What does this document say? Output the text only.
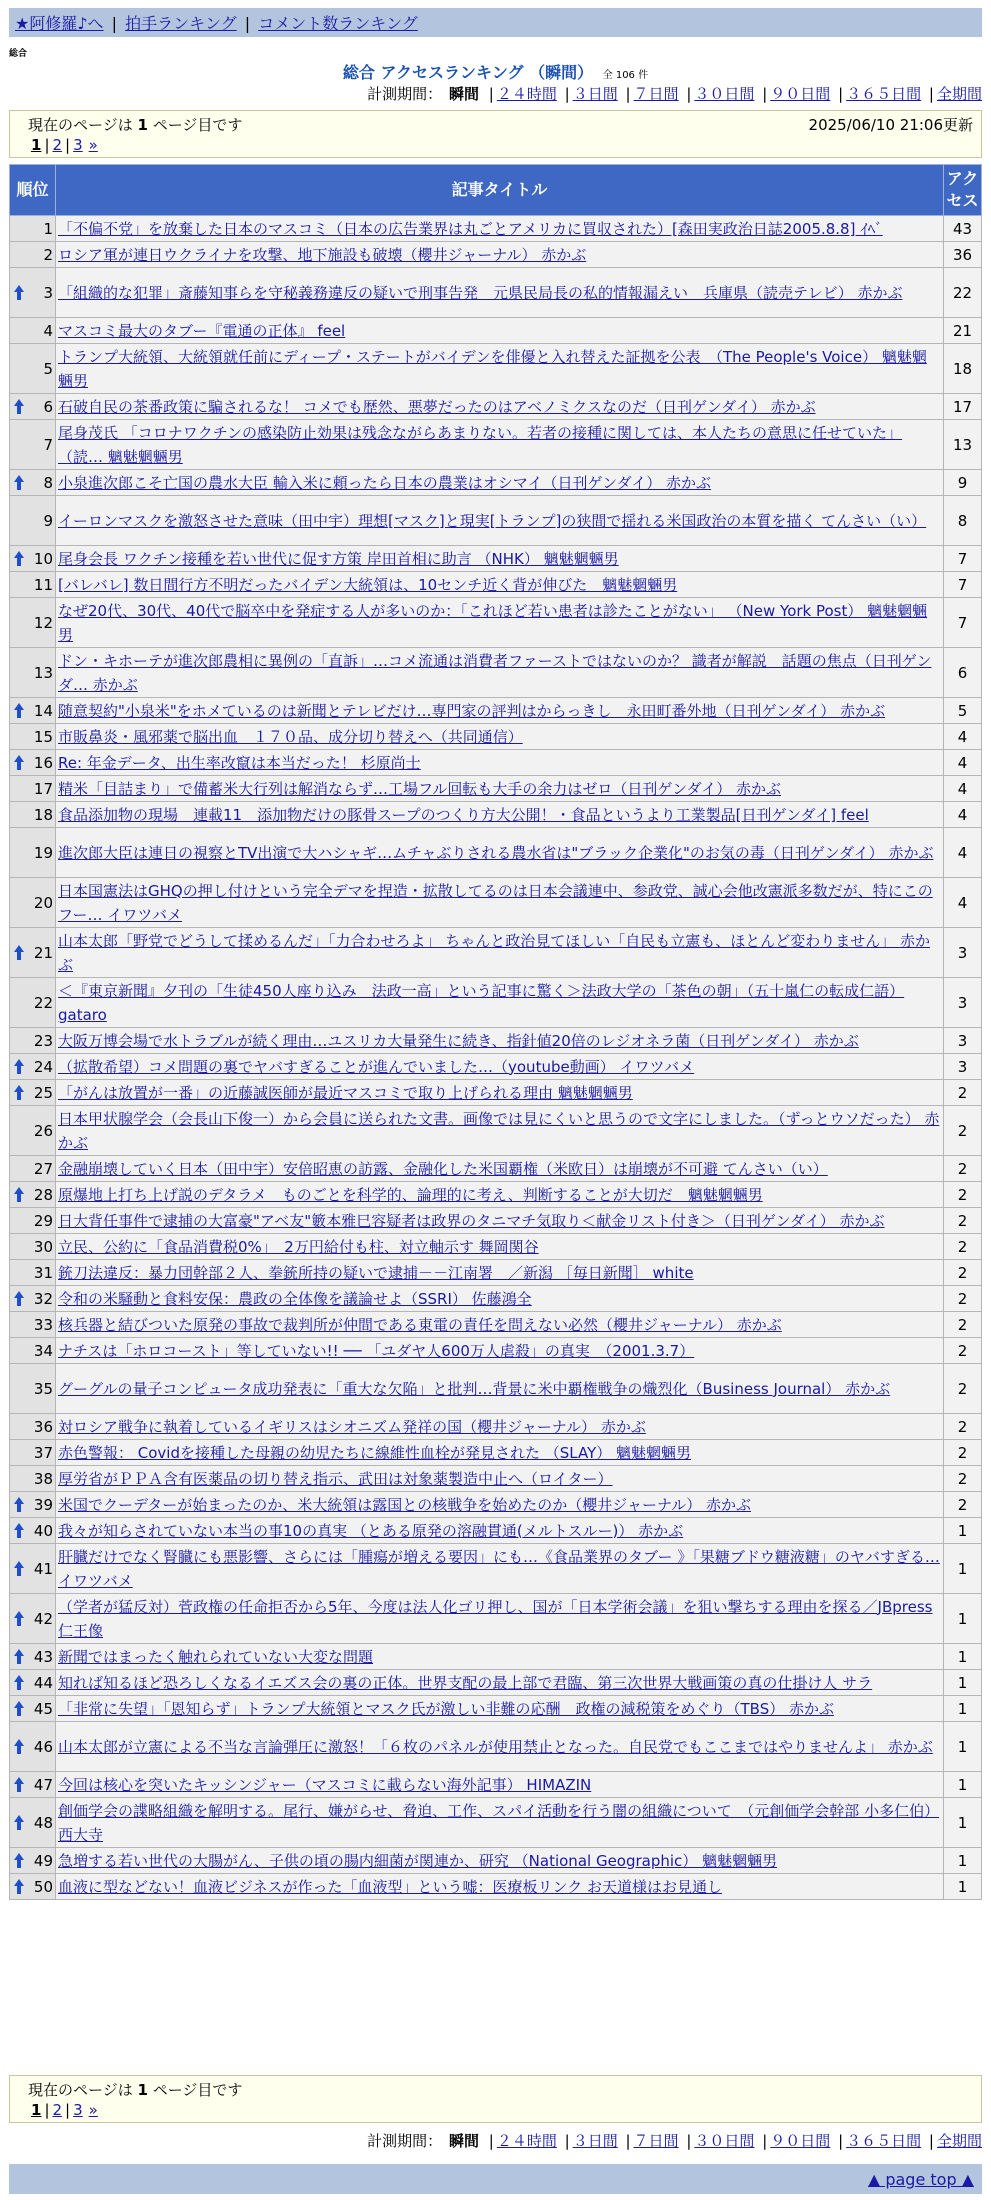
★阿修羅♪へ | 拍手ランキング | コメント数ランキング
総合
総合 アクセスランキング （瞬間） 全 106 件
計測期間： 瞬間 | ２４時間 | ３日間 | ７日間 | ３０日間 | ９０日間 | ３６５日間 | 全期間
現在のページは 1 ページ目です	2025/06/10 21:06更新
1 | 2 | 3 »
順位	記事タイトル	アクセス
1	「不偏不党」を放棄した日本のマスコミ（日本の広告業界は丸ごとアメリカに買収された）[森田実政治日誌2005.8.8] ｲﾍﾞ	43
2	ロシア軍が連日ウクライナを攻撃、地下施設も破壊（櫻井ジャーナル） 赤かぶ	36

3	「組織的な犯罪」斎藤知事らを守秘義務違反の疑いで刑事告発　元県民局長の私的情報漏えい　兵庫県（読売テレビ） 赤かぶ	22
4	マスコミ最大のタブー『電通の正体』 feel	21
5	トランプ大統領、大統領就任前にディープ・ステートがバイデンを俳優と入れ替えた証拠を公表　（The People's Voice） 魑魅魍魎男	18

6	石破自民の茶番政策に騙されるな！ コメでも歴然、悪夢だったのはアベノミクスなのだ（日刊ゲンダイ） 赤かぶ	17
7	尾身茂氏 「コロナワクチンの感染防止効果は残念ながらあまりない。若者の接種に関しては、本人たちの意思に任せていた」 （読… 魑魅魍魎男	13

8	小泉進次郎こそ亡国の農水大臣 輸入米に頼ったら日本の農業はオシマイ（日刊ゲンダイ） 赤かぶ	9
9	イーロンマスクを激怒させた意味（田中宇）理想[マスク]と現実[トランプ]の狭間で揺れる米国政治の本質を描く てんさい（い）	8

10	尾身会長 ワクチン接種を若い世代に促す方策 岸田首相に助言 （NHK） 魑魅魍魎男	7
11	[バレバレ] 数日間行方不明だったバイデン大統領は、10センチ近く背が伸びた　魑魅魍魎男	7
12	なぜ20代、30代、40代で脳卒中を発症する人が多いのか：「これほど若い患者は診たことがない」 （New York Post） 魑魅魍魎男	7
13	ドン・キホーテが進次郎農相に異例の「直訴」…コメ流通は消費者ファーストではないのか？ 識者が解説　話題の焦点（日刊ゲンダ… 赤かぶ	6

14	随意契約"小泉米"をホメているのは新聞とテレビだけ…専門家の評判はからっきし　永田町番外地（日刊ゲンダイ） 赤かぶ	5
15	市販鼻炎・風邪薬で脳出血　１７０品、成分切り替えへ（共同通信）	4

16	Re: 年金データ、出生率改竄は本当だった！ 杉原尚士	4
17	精米「目詰まり」で備蓄米大行列は解消ならず…工場フル回転も大手の余力はゼロ（日刊ゲンダイ） 赤かぶ	4
18	食品添加物の現場　連載11　添加物だけの豚骨スープのつくり方大公開！・食品というより工業製品[日刊ゲンダイ] feel	4
19	進次郎大臣は連日の視察とTV出演で大ハシャギ…ムチャぶりされる農水省は"ブラック企業化"のお気の毒（日刊ゲンダイ） 赤かぶ	4
20	日本国憲法はGHQの押し付けという完全デマを捏造・拡散してるのは日本会議連中、参政党、誠心会他改憲派多数だが、特にこのフー… イワツバメ	4

21	山本太郎「野党でどうして揉めるんだ」「力合わせろよ」 ちゃんと政治見てほしい「自民も立憲も、ほとんど変わりません」 赤かぶ	3
22	＜『東京新聞』夕刊の「生徒450人座り込み　法政一高」という記事に驚く＞法政大学の「茶色の朝」（五十嵐仁の転成仁語） gataro	3
23	大阪万博会場で水トラブルが続く理由…ユスリカ大量発生に続き、指針値20倍のレジオネラ菌（日刊ゲンダイ） 赤かぶ	3

24	（拡散希望）コメ問題の裏でヤバすぎることが進んでいました…（youtube動画） イワツバメ	3

25	「がんは放置が一番」の近藤誠医師が最近マスコミで取り上げられる理由 魑魅魍魎男	2
26	日本甲状腺学会（会長山下俊一）から会員に送られた文書。画像では見にくいと思うので文字にしました。（ずっとウソだった） 赤かぶ	2
27	金融崩壊していく日本（田中宇）安倍昭恵の訪露、金融化した米国覇権（米欧日）は崩壊が不可避 てんさい（い）	2

28	原爆地上打ち上げ説のデタラメ　ものごとを科学的、論理的に考え、判断することが大切だ　魑魅魍魎男	2
29	日大背任事件で逮捕の大富豪"アベ友"籔本雅巳容疑者は政界のタニマチ気取り＜献金リスト付き＞（日刊ゲンダイ） 赤かぶ	2
30	立民、公約に「食品消費税0%」　2万円給付も柱、対立軸示す 舞岡関谷	2
31	銃刀法違反：暴力団幹部２人、拳銃所持の疑いで逮捕－－江南署　／新潟 ［毎日新聞］ white	2

32	令和の米騒動と食料安保：農政の全体像を議論せよ（SSRI） 佐藤鴻全	2
33	核兵器と結びついた原発の事故で裁判所が仲間である東電の責任を問えない必然（櫻井ジャーナル） 赤かぶ	2
34	ナチスは「ホロコースト」等していない!! ── 「ユダヤ人600万人虐殺」の真実　（2001.3.7）	2
35	グーグルの量子コンピュータ成功発表に「重大な欠陥」と批判…背景に米中覇権戦争の熾烈化（Business Journal） 赤かぶ	2
36	対ロシア戦争に執着しているイギリスはシオニズム発祥の国（櫻井ジャーナル） 赤かぶ	2
37	赤色警報： Covidを接種した母親の幼児たちに線維性血栓が発見された （SLAY） 魑魅魍魎男	2
38	厚労省がＰＰＡ含有医薬品の切り替え指示、武田は対象薬製造中止へ（ロイター）	2

39	米国でクーデターが始まったのか、米大統領は露国との核戦争を始めたのか（櫻井ジャーナル） 赤かぶ	2

40	我々が知らされていない本当の事10の真実 （とある原発の溶融貫通(メルトスルー)） 赤かぶ	1

41	肝臓だけでなく腎臓にも悪影響、さらには「腫瘍が増える要因」にも…《食品業界のタブー 》「果糖ブドウ糖液糖」のヤバすぎる… イワツバメ	1

42	（学者が猛反対）菅政権の任命拒否から5年、今度は法人化ゴリ押し、国が「日本学術会議」を狙い撃ちする理由を探る／JBpress 仁王像	1

43	新聞ではまったく触れられていない大変な問題	1

44	知れば知るほど恐ろしくなるイエズス会の裏の正体。世界支配の最上部で君臨、第三次世界大戦画策の真の仕掛け人 サラ	1

45	「非常に失望」「恩知らず」トランプ大統領とマスク氏が激しい非難の応酬　政権の減税策をめぐり（TBS） 赤かぶ	1

46	山本太郎が立憲による不当な言論弾圧に激怒！「６枚のパネルが使用禁止となった。自民党でもここまではやりませんよ」 赤かぶ	1

47	今回は核心を突いたキッシンジャー（マスコミに載らない海外記事） HIMAZIN	1

48	創価学会の諜略組織を解明する。尾行、嫌がらせ、脅迫、工作、スパイ活動を行う闇の組織について　（元創価学会幹部 小多仁伯） 西大寺	1

49	急増する若い世代の大腸がん、子供の頃の腸内細菌が関連か、研究 （National Geographic） 魑魅魍魎男	1

50	血液に型などない！血液ビジネスが作った「血液型」という嘘：医療板リンク お天道様はお見通し	1
現在のページは 1 ページ目です
1 | 2 | 3 »
計測期間： 瞬間 | ２４時間 | ３日間 | ７日間 | ３０日間 | ９０日間 | ３６５日間 | 全期間
▲ page top ▲
